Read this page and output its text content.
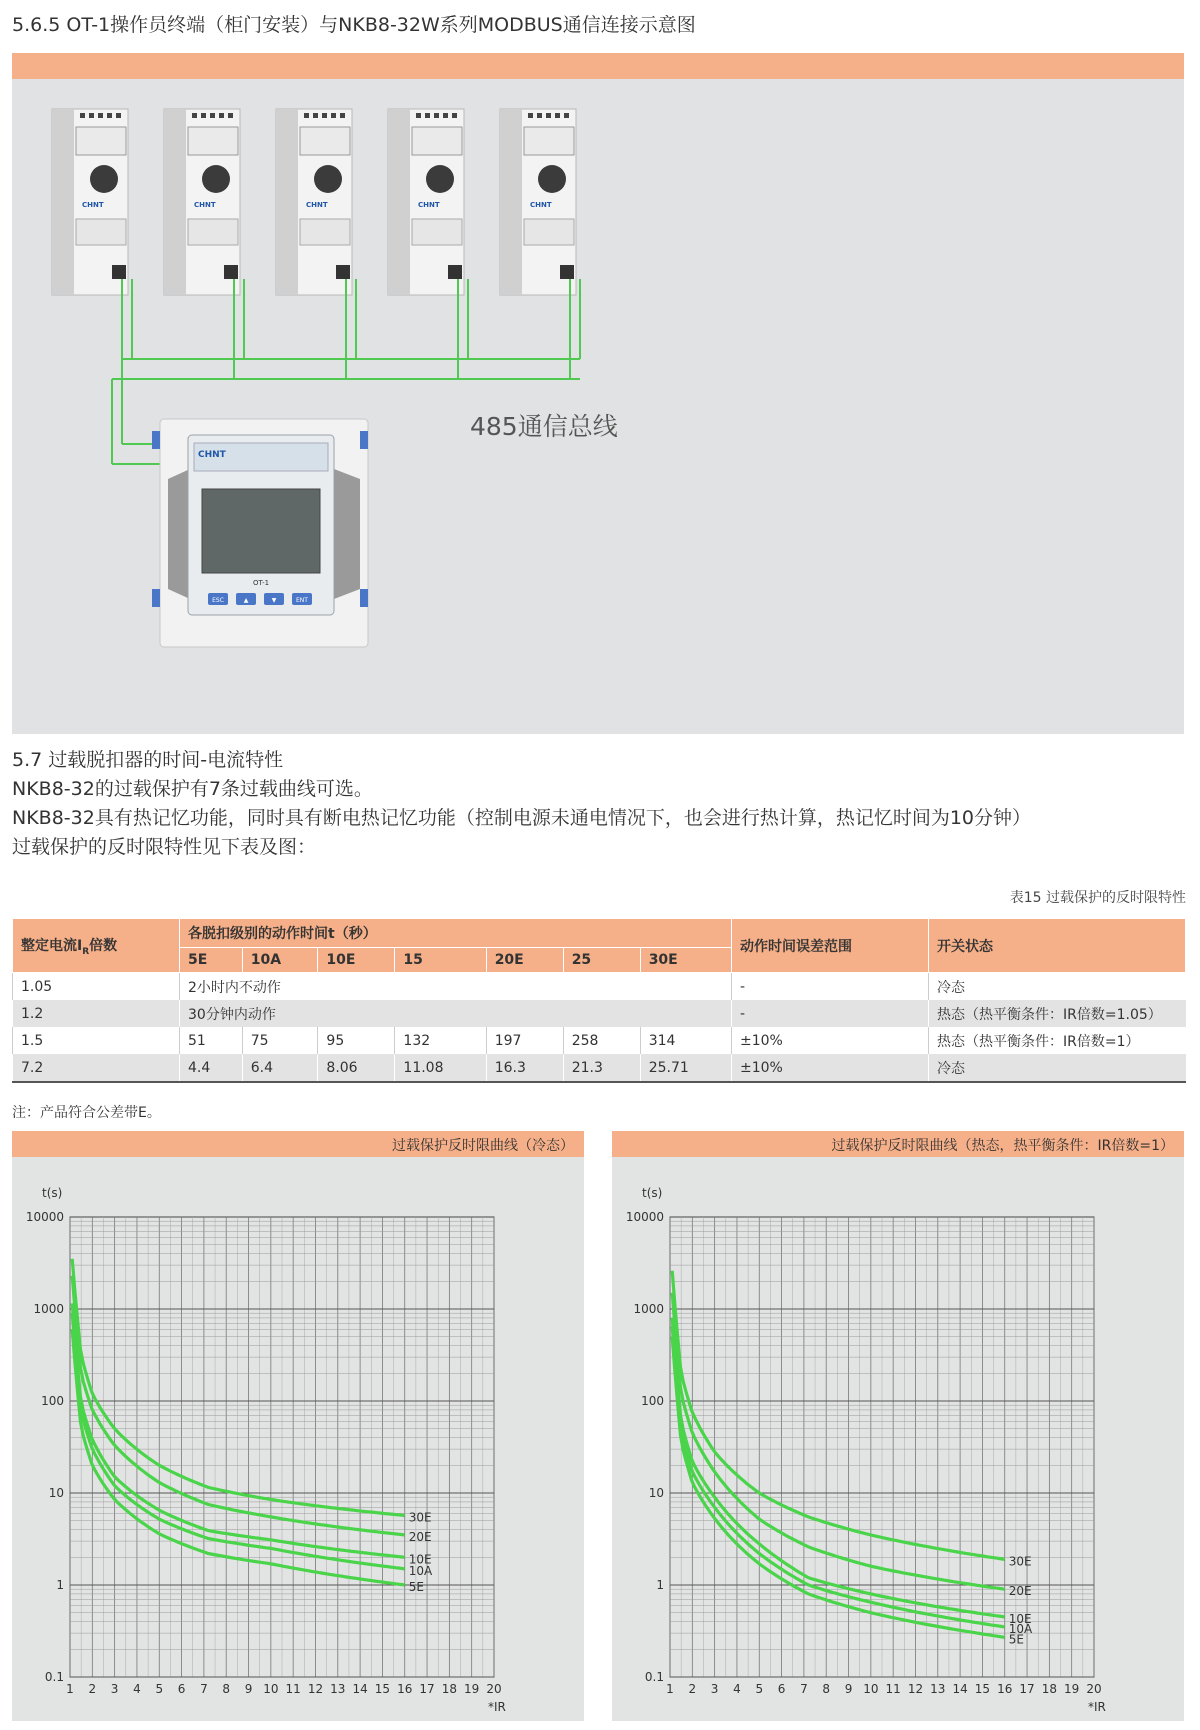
5.6.5 OT-1操作员终端（柜门安装）与NKB8-32W系列MODBUS通信连接示意图
CHNT	CHNT	CHNT	CHNT	CHNT
CHNT
OT-1
ESC	▲	▼	ENT
485通信总线
5.7 过载脱扣器的时间-电流特性
NKB8-32的过载保护有7条过载曲线可选。
NKB8-32具有热记忆功能，同时具有断电热记忆功能（控制电源未通电情况下，也会进行热计算，热记忆时间为10分钟）
过载保护的反时限特性见下表及图：
表15 过载保护的反时限特性
整定电流$I_R$倍数	各脱扣级别的动作时间t（秒）							动作时间误差范围	开关状态
	5E	10A	10E	15	20E	25	30E		
1.05	2小时内不动作							-	冷态
1.2	30分钟内动作							-	热态（热平衡条件：IR倍数=1.05）
1.5	51	75	95	132	197	258	314	±10%	热态（热平衡条件：IR倍数=1）
7.2	4.4	6.4	8.06	11.08	16.3	21.3	25.71	±10%	冷态
注：产品符合公差带E。
过载保护反时限曲线（冷态）
0.1
1
10
100
1000
10000
1 2 3 4 5 6 7 8 9 10 11 12 13 14 15 16 17 18 19 20
t(s)
*IR
30E
20E
10E
10A
5E
过载保护反时限曲线（热态，热平衡条件：IR倍数=1）
0.1
1
10
100
1000
10000
1 2 3 4 5 6 7 8 9 10 11 12 13 14 15 16 17 18 19 20
t(s)
*IR
30E
20E
10E
10A
5E
